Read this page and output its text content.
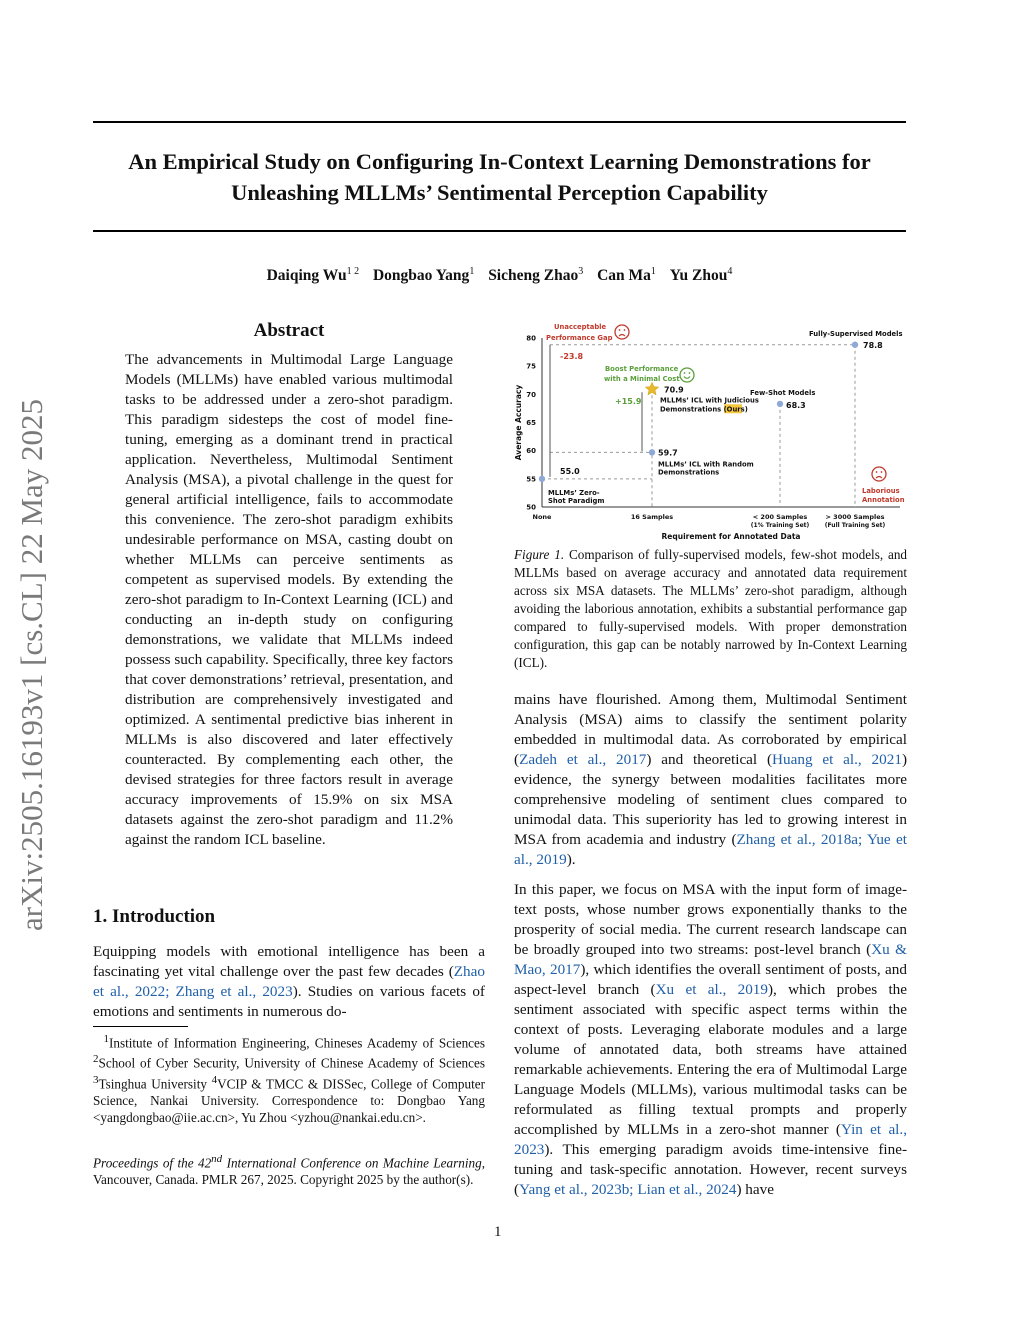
arXiv:2505.16193v1 [cs.CL] 22 May 2025
An Empirical Study on Configuring In-Context Learning Demonstrations for
Unleashing MLLMs’ Sentimental Perception Capability
Daiqing $Wu^{1 2}$ Dongbao Yang$^1$ Sicheng Zhao$^3$ Can Ma$^1$ Yu Zhou$^4$
Abstract

The advancements in Multimodal Large Language Models (MLLMs) have enabled various multimodal tasks to be addressed under a zero-shot paradigm. This paradigm sidesteps the cost of model fine-tuning, emerging as a dominant trend in practical application. Nevertheless, Multimodal Sentiment Analysis (MSA), a pivotal challenge in the quest for general artificial intelligence, fails to accommodate this convenience. The zero-shot paradigm exhibits undesirable performance on MSA, casting doubt on whether MLLMs can perceive sentiments as competent as supervised models. By extending the zero-shot paradigm to In-Context Learning (ICL) and conducting an in-depth study on configuring demonstrations, we validate that MLLMs indeed possess such capability. Specifically, three key factors that cover demonstrations’ retrieval, presentation, and distribution are comprehensively investigated and optimized. A sentimental predictive bias inherent in MLLMs is also discovered and later effectively counteracted. By complementing each other, the devised strategies for three factors result in average accuracy improvements of 15.9% on six MSA datasets against the zero-shot paradigm and 11.2% against the random ICL baseline.

1. Introduction

Equipping models with emotional intelligence has been a fascinating yet vital challenge over the past few decades (Zhao et al., 2022; Zhang et al., 2023). Studies on various facets of emotions and sentiments in numerous do-

$^1$Institute of Information Engineering, Chineses Academy of Sciences $^2$School of Cyber Security, University of Chinese Academy of Sciences $^3$Tsinghua University $^4$VCIP & TMCC & DISSec, College of Computer Science, Nankai University. Correspondence to: Dongbao Yang <yangdongbao@iie.ac.cn>, Yu Zhou <yzhou@nankai.edu.cn>.
Proceedings of the 42nd International Conference on Machine Learning, Vancouver, Canada. PMLR 267, 2025. Copyright 2025 by the author(s).
50
55
60
65
70
75
80
Average Accuracy
None	16 Samples	< 200 Samples
(1% Training Set)
> 3000 Samples
(Full Training Set)
Requirement for Annotated Data
55.0
59.7
70.9
68.3
78.8
MLLMs’ Zero-
Shot Paradigm
MLLMs’ ICL with Random
Demonstrations
MLLMs’ ICL with Judicious
Demonstrations (Ours)
Few-Shot Models
Fully-Supervised Models
Unacceptable
Performance Gap
-23.8
Boost Performance
with a Minimal Cost
+15.9
Laborious
Annotation
Figure 1. Comparison of fully-supervised models, few-shot models, and MLLMs based on average accuracy and annotated data requirement across six MSA datasets. The MLLMs’ zero-shot paradigm, although avoiding the laborious annotation, exhibits a substantial performance gap compared to fully-supervised models. With proper demonstration configuration, this gap can be notably narrowed by In-Context Learning (ICL).

mains have flourished. Among them, Multimodal Sentiment Analysis (MSA) aims to classify the sentiment polarity embedded in multimodal data. As corroborated by empirical (Zadeh et al., 2017) and theoretical (Huang et al., 2021) evidence, the synergy between modalities facilitates more comprehensive modeling of sentiment clues compared to unimodal data. This superiority has led to growing interest in MSA from academia and industry (Zhang et al., 2018a; Yue et al., 2019).

In this paper, we focus on MSA with the input form of image-text posts, whose number grows exponentially thanks to the prosperity of social media. The current research landscape can be broadly grouped into two streams: post-level branch (Xu & Mao, 2017), which identifies the overall sentiment of posts, and aspect-level branch (Xu et al., 2019), which probes the sentiment associated with specific aspect terms within the context of posts. Leveraging elaborate modules and a large volume of annotated data, both streams have attained remarkable achievements. Entering the era of Multimodal Large Language Models (MLLMs), various multimodal tasks can be reformulated as filling textual prompts and properly accomplished by MLLMs in a zero-shot manner (Yin et al., 2023). This emerging paradigm avoids time-intensive fine-tuning and task-specific annotation. However, recent surveys (Yang et al., 2023b; Lian et al., 2024) have

1
